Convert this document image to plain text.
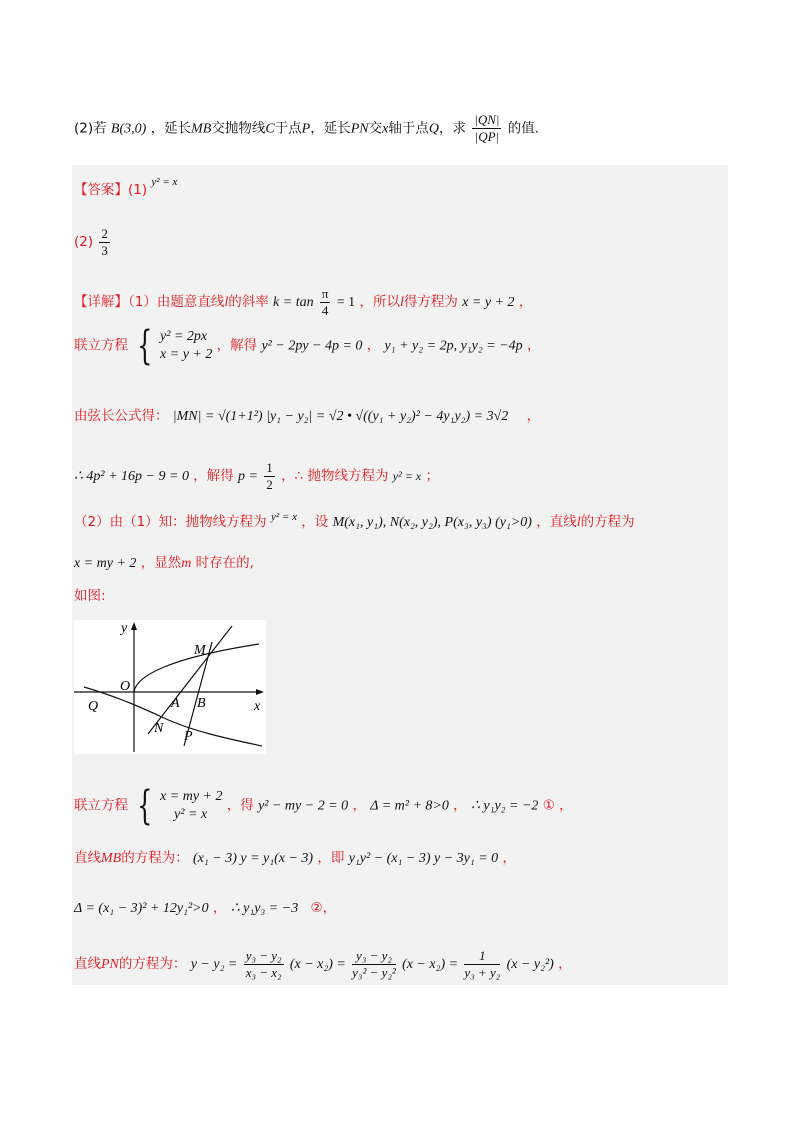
(2)若 B(3,0) ，延长MB交抛物线C于点P，延长PN交x轴于点Q，求 $\frac{|QN|}{|QP|}$ 的值.
【答案】(1) $^{y^2 = x}$
$(2) \frac{2}{3}$
【详解】（1）由题意直线l的斜率 $k = \tan \frac{\pi}{4} = 1$ ，所以l得方程为 x = y + 2 ，
联立方程 { y² = 2px
x = y + 2
，解得 y² − 2py − 4p = 0 ， y₁ + y₂ = 2p, y₁y₂ = −4p ，
由弦长公式得： |MN| = √(1+1²) |y₁ − y₂| = √2 • √((y₁ + y₂)² − 4y₁y₂) = 3√2 ，
∴ 4p² + 16p − 9 = 0 ，解得 $p = \frac{1}{2}$ ，∴ 抛物线方程为 y² = x ；
（2）由（1）知：抛物线方程为 $^{y^2 = x}$ ，设 M(x₁, y₁), N(x₂, y₂), P(x₃, y₃) (y₁>0) ，直线l的方程为
x = my + 2 ，显然m 时存在的,
如图:
y
x
O
M
Q	A B
N
P
联立方程 { x = my + 2
y² = x
，得 y² − my − 2 = 0 ， Δ = m² + 8>0 ， ∴ y₁y₂ = −2 ① ，
直线MB的方程为： (x₁ − 3) y = y₁(x − 3) ，即 y₁y² − (x₁ − 3) y − 3y₁ = 0 ，
Δ = (x₁ − 3)² + 12y₁²>0 ， ∴ y₁y₃ = −3 ②，
直线PN的方程为： $y - y_2 = \frac{\text{y₃ − y₂}}{\text{x₃ − x₂}} (x - x_2) = \frac{\text{y₃ − y₂}}{\text{y₃² − y₂²}} (x - x_2) = \frac{1}{\text{y₃ + y₂}} (x - y_2^2)$ ，
